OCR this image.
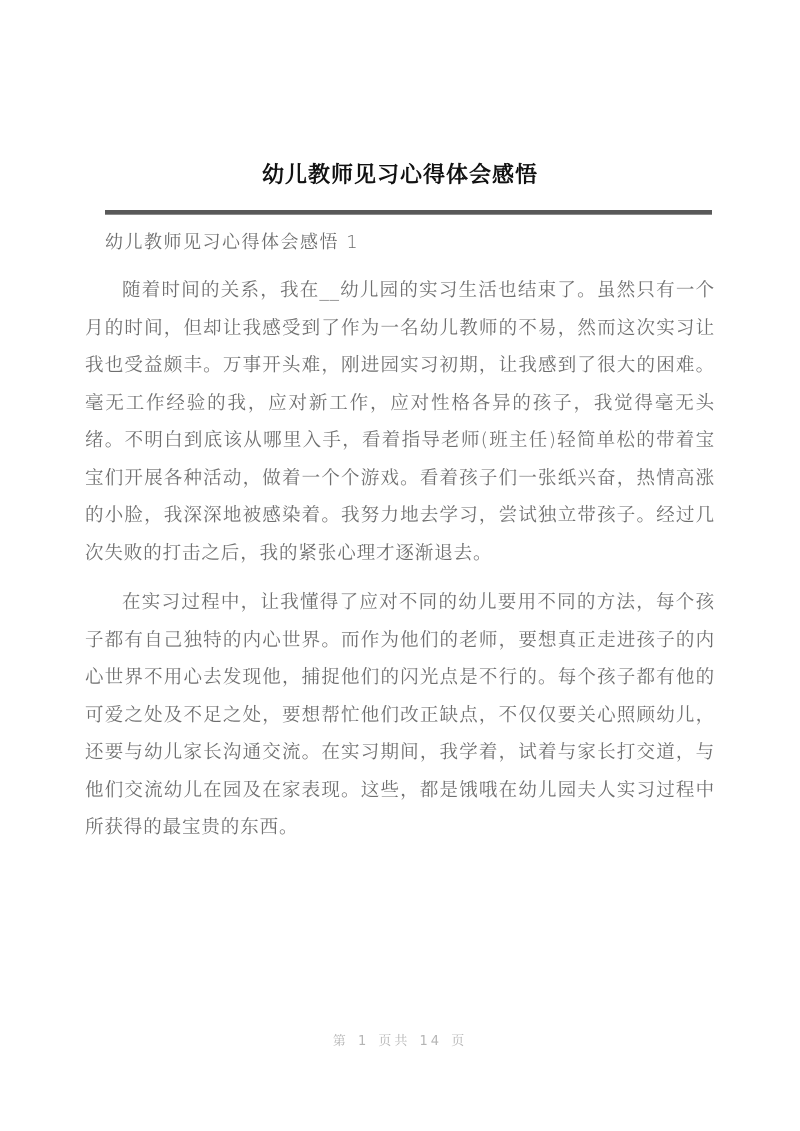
幼儿教师见习心得体会感悟
幼儿教师见习心得体会感悟 1

随着时间的关系，我在__幼儿园的实习生活也结束了。虽然只有一个月的时间，但却让我感受到了作为一名幼儿教师的不易，然而这次实习让我也受益颇丰。万事开头难，刚进园实习初期，让我感到了很大的困难。毫无工作经验的我，应对新工作，应对性格各异的孩子，我觉得毫无头绪。不明白到底该从哪里入手，看着指导老师(班主任)轻简单松的带着宝宝们开展各种活动，做着一个个游戏。看着孩子们一张纸兴奋，热情高涨的小脸，我深深地被感染着。我努力地去学习，尝试独立带孩子。经过几次失败的打击之后，我的紧张心理才逐渐退去。

在实习过程中，让我懂得了应对不同的幼儿要用不同的方法，每个孩子都有自己独特的内心世界。而作为他们的老师，要想真正走进孩子的内心世界不用心去发现他，捕捉他们的闪光点是不行的。每个孩子都有他的可爱之处及不足之处，要想帮忙他们改正缺点，不仅仅要关心照顾幼儿，还要与幼儿家长沟通交流。在实习期间，我学着，试着与家长打交道，与他们交流幼儿在园及在家表现。这些，都是饿哦在幼儿园夫人实习过程中所获得的最宝贵的东西。

第 1 页共 14 页
